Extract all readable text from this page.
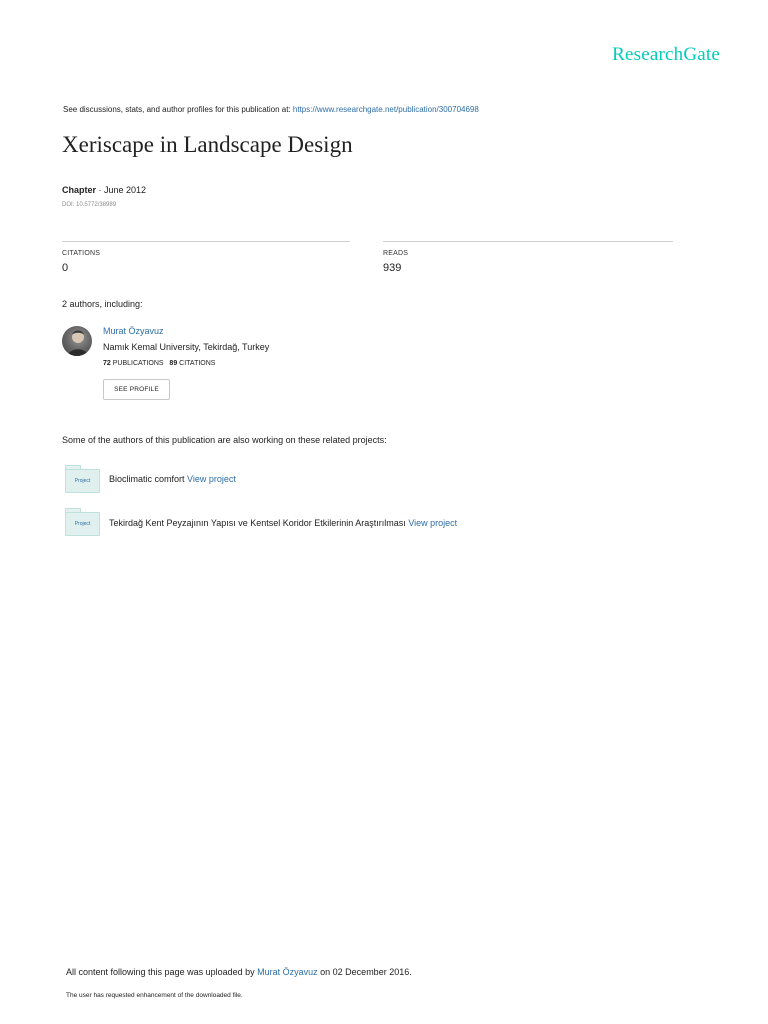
ResearchGate
See discussions, stats, and author profiles for this publication at: https://www.researchgate.net/publication/300704698
Xeriscape in Landscape Design
Chapter · June 2012
DOI: 10.5772/38989
CITATIONS
0
READS
939
2 authors, including:
Murat Özyavuz
Namık Kemal University, Tekirdağ, Turkey
72 PUBLICATIONS 89 CITATIONS
SEE PROFILE
Some of the authors of this publication are also working on these related projects:
Project	Bioclimatic comfort View project
Project	Tekirdağ Kent Peyzajının Yapısı ve Kentsel Koridor Etkilerinin Araştırılması View project
All content following this page was uploaded by Murat Özyavuz on 02 December 2016.
The user has requested enhancement of the downloaded file.
